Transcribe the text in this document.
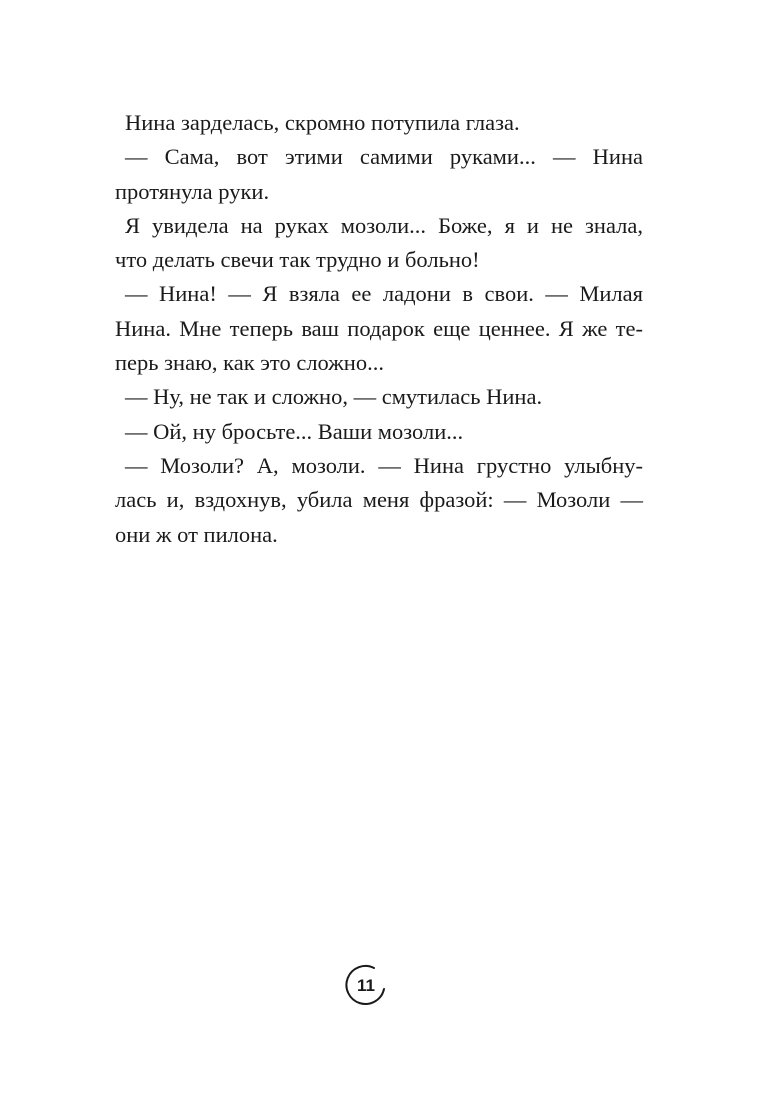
Нина зарделась, скромно потупила глаза.
— Сама, вот этими самими руками... — Нина
протянула руки.
Я увидела на руках мозоли... Боже, я и не знала,
что делать свечи так трудно и больно!
— Нина! — Я взяла ее ладони в свои. — Милая
Нина. Мне теперь ваш подарок еще ценнее. Я же те-
перь знаю, как это сложно...
— Ну, не так и сложно, — смутилась Нина.
— Ой, ну бросьте... Ваши мозоли...
— Мозоли? А, мозоли. — Нина грустно улыбну-
лась и, вздохнув, убила меня фразой: — Мозоли —
они ж от пилона.
11
